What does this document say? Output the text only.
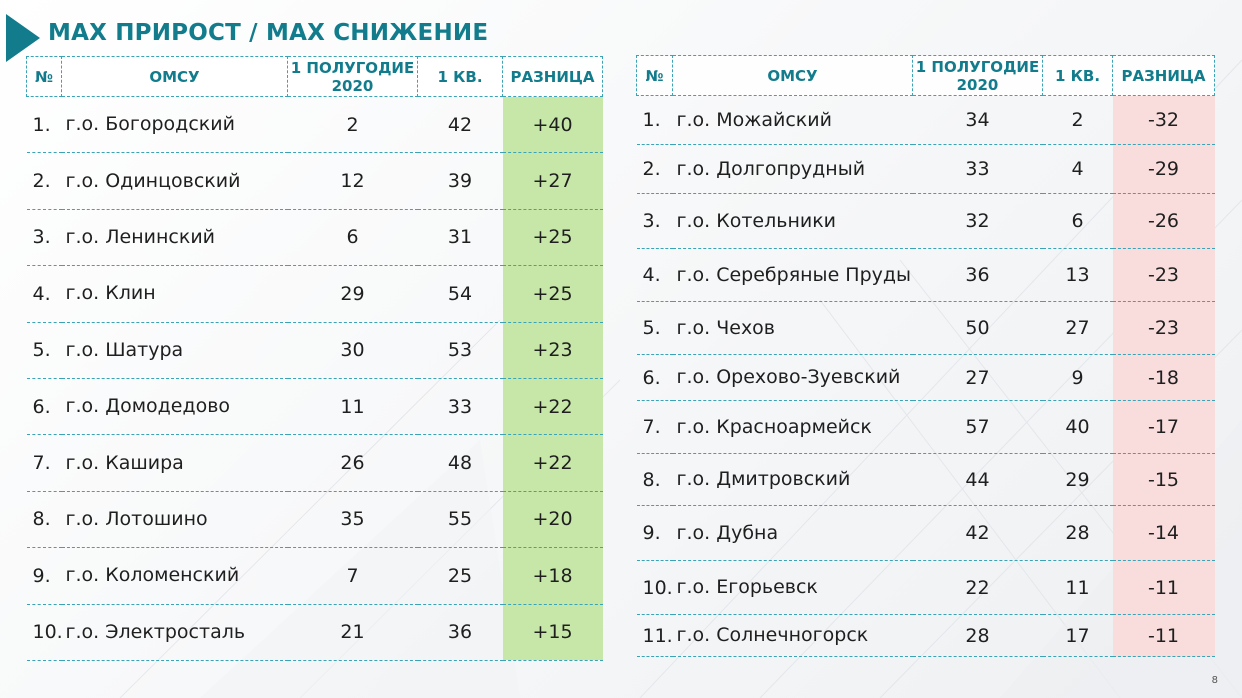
МАХ ПРИРОСТ / МАХ СНИЖЕНИЕ
№	ОМСУ	1 ПОЛУГОДИЕ 2020	1 КВ.	РАЗНИЦА
1.	г.о. Богородский	2	42	+40
2.	г.о. Одинцовский	12	39	+27
3.	г.о. Ленинский	6	31	+25
4.	г.о. Клин	29	54	+25
5.	г.о. Шатура	30	53	+23
6.	г.о. Домодедово	11	33	+22
7.	г.о. Кашира	26	48	+22
8.	г.о. Лотошино	35	55	+20
9.	г.о. Коломенский	7	25	+18
10.	г.о. Электросталь	21	36	+15
№	ОМСУ	1 ПОЛУГОДИЕ 2020	1 КВ.	РАЗНИЦА
1.	г.о. Можайский	34	2	-32
2.	г.о. Долгопрудный	33	4	-29
3.	г.о. Котельники	32	6	-26
4.	г.о. Серебряные Пруды	36	13	-23
5.	г.о. Чехов	50	27	-23
6.	г.о. Орехово-Зуевский	27	9	-18
7.	г.о. Красноармейск	57	40	-17
8.	г.о. Дмитровский	44	29	-15
9.	г.о. Дубна	42	28	-14
10.	г.о. Егорьевск	22	11	-11
11.	г.о. Солнечногорск	28	17	-11
8
